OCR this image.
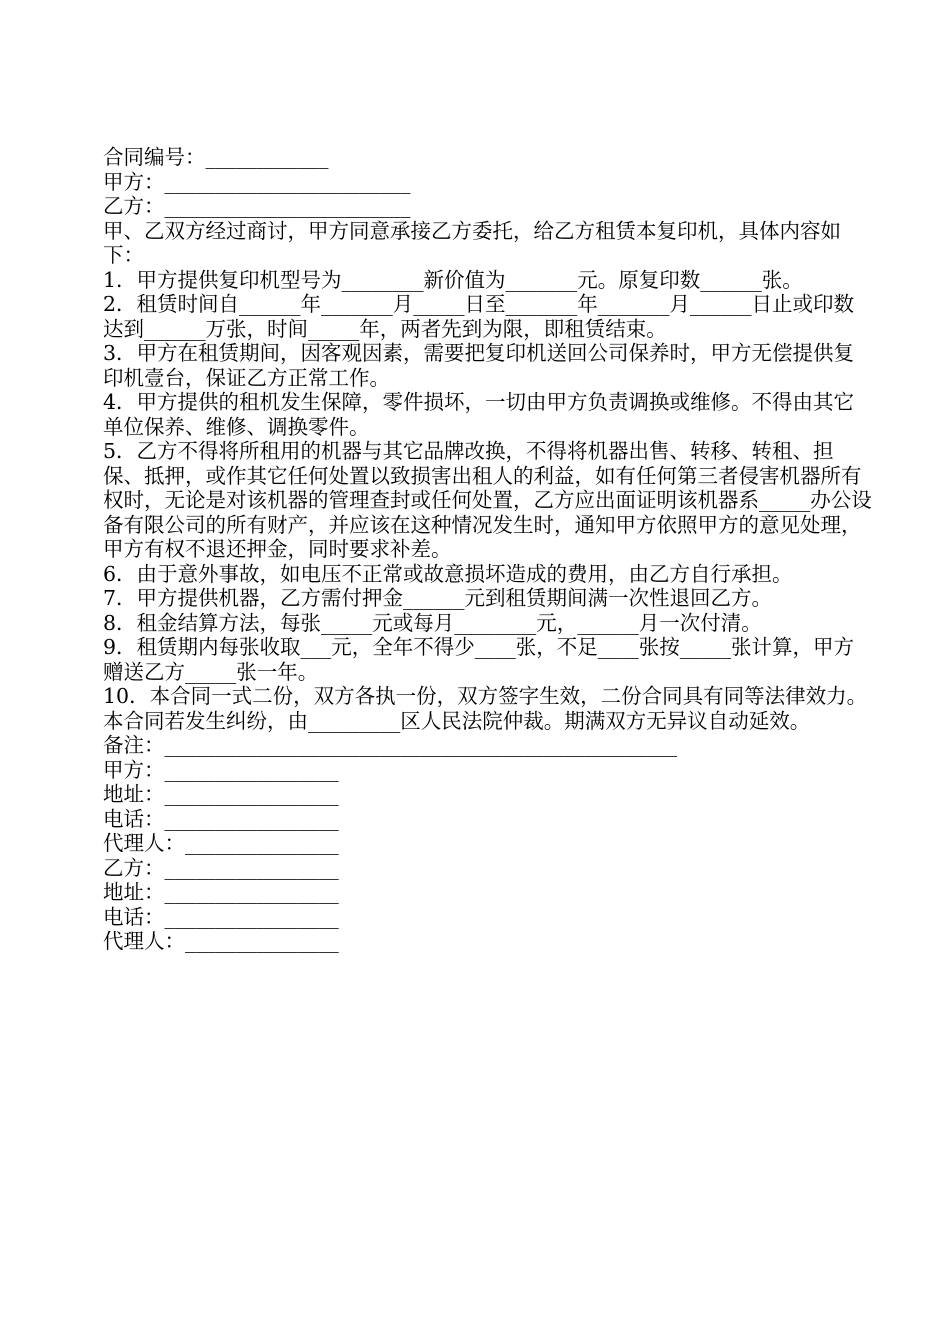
合同编号：____________
甲方：________________________
乙方：________________________
甲、乙双方经过商讨，甲方同意承接乙方委托，给乙方租赁本复印机，具体内容如下：
1．甲方提供复印机型号为________新价值为_______元。原复印数______张。
2．租赁时间自______年_______月_____日至_______年_______月______日止或印数达到______万张，时间_____年，两者先到为限，即租赁结束。
3．甲方在租赁期间，因客观因素，需要把复印机送回公司保养时，甲方无偿提供复印机壹台，保证乙方正常工作。
4．甲方提供的租机发生保障，零件损坏，一切由甲方负责调换或维修。不得由其它单位保养、维修、调换零件。
5．乙方不得将所租用的机器与其它品牌改换，不得将机器出售、转移、转租、担保、抵押，或作其它任何处置以致损害出租人的利益，如有任何第三者侵害机器所有权时，无论是对该机器的管理查封或任何处置，乙方应出面证明该机器系_____办公设备有限公司的所有财产，并应该在这种情况发生时，通知甲方依照甲方的意见处理，甲方有权不退还押金，同时要求补差。
6．由于意外事故，如电压不正常或故意损坏造成的费用，由乙方自行承担。
7．甲方提供机器，乙方需付押金______元到租赁期间满一次性退回乙方。
8．租金结算方法，每张_____元或每月________元，______月一次付清。
9．租赁期内每张收取___元，全年不得少____张，不足____张按_____张计算，甲方赠送乙方_____张一年。
10．本合同一式二份，双方各执一份，双方签字生效，二份合同具有同等法律效力。本合同若发生纠纷，由_________区人民法院仲裁。期满双方无异议自动延效。
备注：__________________________________________________
甲方：_________________
地址：_________________
电话：_________________
代理人：_______________
乙方：_________________
地址：_________________
电话：_________________
代理人：_______________
